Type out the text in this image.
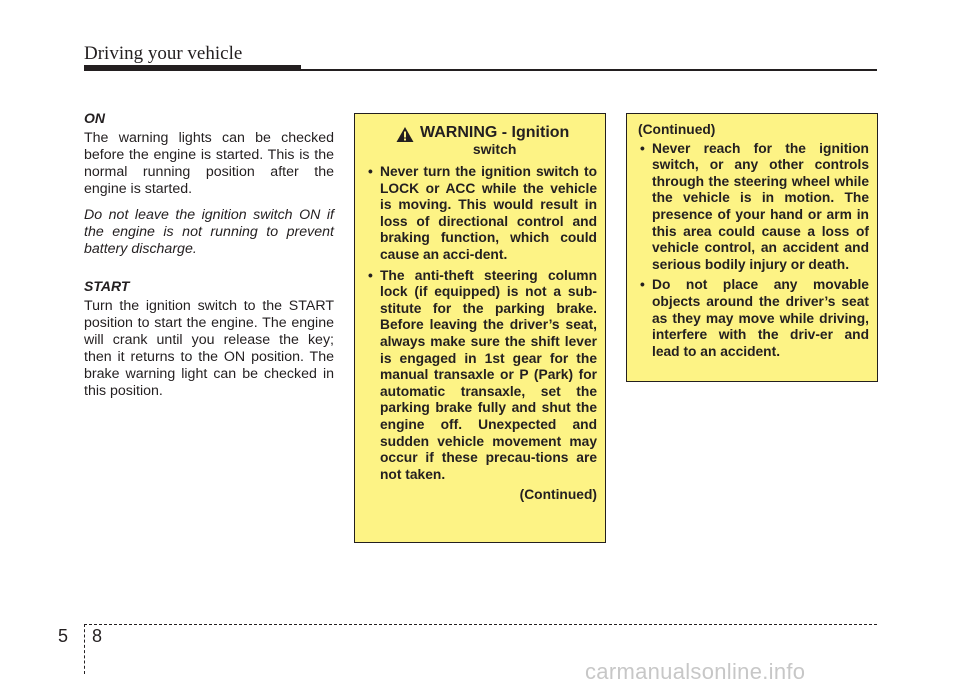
Driving your vehicle
ON

The warning lights can be checked before the engine is started. This is the normal running position after the engine is started.

Do not leave the ignition switch ON if the engine is not running to prevent battery discharge.

START

Turn the ignition switch to the START position to start the engine. The engine will crank until you release the key; then it returns to the ON position. The brake warning light can be checked in this position.

WARNING - Ignition
switch
• Never turn the ignition switch to LOCK or ACC while the vehicle is moving. This would result in loss of directional control and braking function, which could cause an acci-dent.
• The anti-theft steering column lock (if equipped) is not a sub-stitute for the parking brake. Before leaving the driver’s seat, always make sure the shift lever is engaged in 1st gear for the manual transaxle or P (Park) for automatic transaxle, set the parking brake fully and shut the engine off. Unexpected and sudden vehicle movement may occur if these precau-tions are not taken.
(Continued)
(Continued)
• Never reach for the ignition switch, or any other controls through the steering wheel while the vehicle is in motion. The presence of your hand or arm in this area could cause a loss of vehicle control, an accident and serious bodily injury or death.
• Do not place any movable objects around the driver’s seat as they may move while driving, interfere with the driv-er and lead to an accident.
5 8
carmanualsonline.info
